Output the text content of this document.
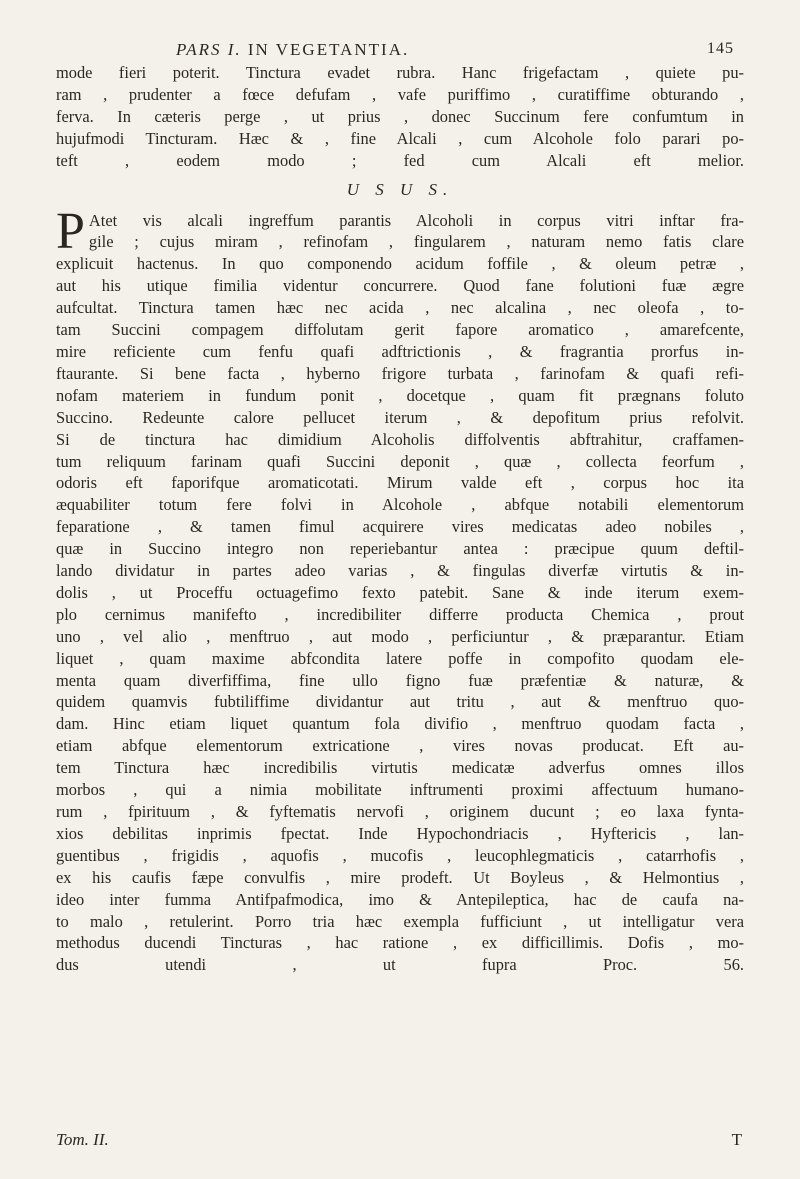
PARS I. IN VEGETANTIA.	145
mode fieri poterit. Tinctura evadet rubra. Hanc frigefactam , quiete pu-
ram , prudenter a fœce defufam , vafe puriffimo , curatiffime obturando ,
ferva. In cæteris perge , ut prius , donec Succinum fere confumtum in
hujufmodi Tincturam. Hæc & , fine Alcali , cum Alcohole folo parari po-
teft , eodem modo ; fed cum Alcali eft melior.
U S U S.
P Atet vis alcali ingreffum parantis Alcoholi in corpus vitri inftar fra-
gile ; cujus miram , refinofam , fingularem , naturam nemo fatis clare
explicuit hactenus. In quo componendo acidum foffile , & oleum petræ ,
aut his utique fimilia videntur concurrere. Quod fane folutioni fuæ ægre
aufcultat. Tinctura tamen hæc nec acida , nec alcalina , nec oleofa , to-
tam Succini compagem diffolutam gerit fapore aromatico , amarefcente,
mire reficiente cum fenfu quafi adftrictionis , & fragrantia prorfus in-
ftaurante. Si bene facta , hyberno frigore turbata , farinofam & quafi refi-
nofam materiem in fundum ponit , docetque , quam fit prægnans foluto
Succino. Redeunte calore pellucet iterum , & depofitum prius refolvit.
Si de tinctura hac dimidium Alcoholis diffolventis abftrahitur, craffamen-
tum reliquum farinam quafi Succini deponit , quæ , collecta feorfum ,
odoris eft faporifque aromaticotati. Mirum valde eft , corpus hoc ita
æquabiliter totum fere folvi in Alcohole , abfque notabili elementorum
feparatione , & tamen fimul acquirere vires medicatas adeo nobiles ,
quæ in Succino integro non reperiebantur antea : præcipue quum deftil-
lando dividatur in partes adeo varias , & fingulas diverfæ virtutis & in-
dolis , ut Proceffu octuagefimo fexto patebit. Sane & inde iterum exem-
plo cernimus manifefto , incredibiliter differre producta Chemica , prout
uno , vel alio , menftruo , aut modo , perficiuntur , & præparantur. Etiam
liquet , quam maxime abfcondita latere poffe in compofito quodam ele-
menta quam diverfiffima, fine ullo figno fuæ præfentiæ & naturæ, &
quidem quamvis fubtiliffime dividantur aut tritu , aut & menftruo quo-
dam. Hinc etiam liquet quantum fola divifio , menftruo quodam facta ,
etiam abfque elementorum extricatione , vires novas producat. Eft au-
tem Tinctura hæc incredibilis virtutis medicatæ adverfus omnes illos
morbos , qui a nimia mobilitate inftrumenti proximi affectuum humano-
rum , fpirituum , & fyftematis nervofi , originem ducunt ; eo laxa fynta-
xios debilitas inprimis fpectat. Inde Hypochondriacis , Hyftericis , lan-
guentibus , frigidis , aquofis , mucofis , leucophlegmaticis , catarrhofis ,
ex his caufis fæpe convulfis , mire prodeft. Ut Boyleus , & Helmontius ,
ideo inter fumma Antifpafmodica, imo & Antepileptica, hac de caufa na-
to malo , retulerint. Porro tria hæc exempla fufficiunt , ut intelligatur vera
methodus ducendi Tincturas , hac ratione , ex difficillimis. Dofis , mo-
dus utendi , ut fupra Proc. 56.
Tom. II.	T
